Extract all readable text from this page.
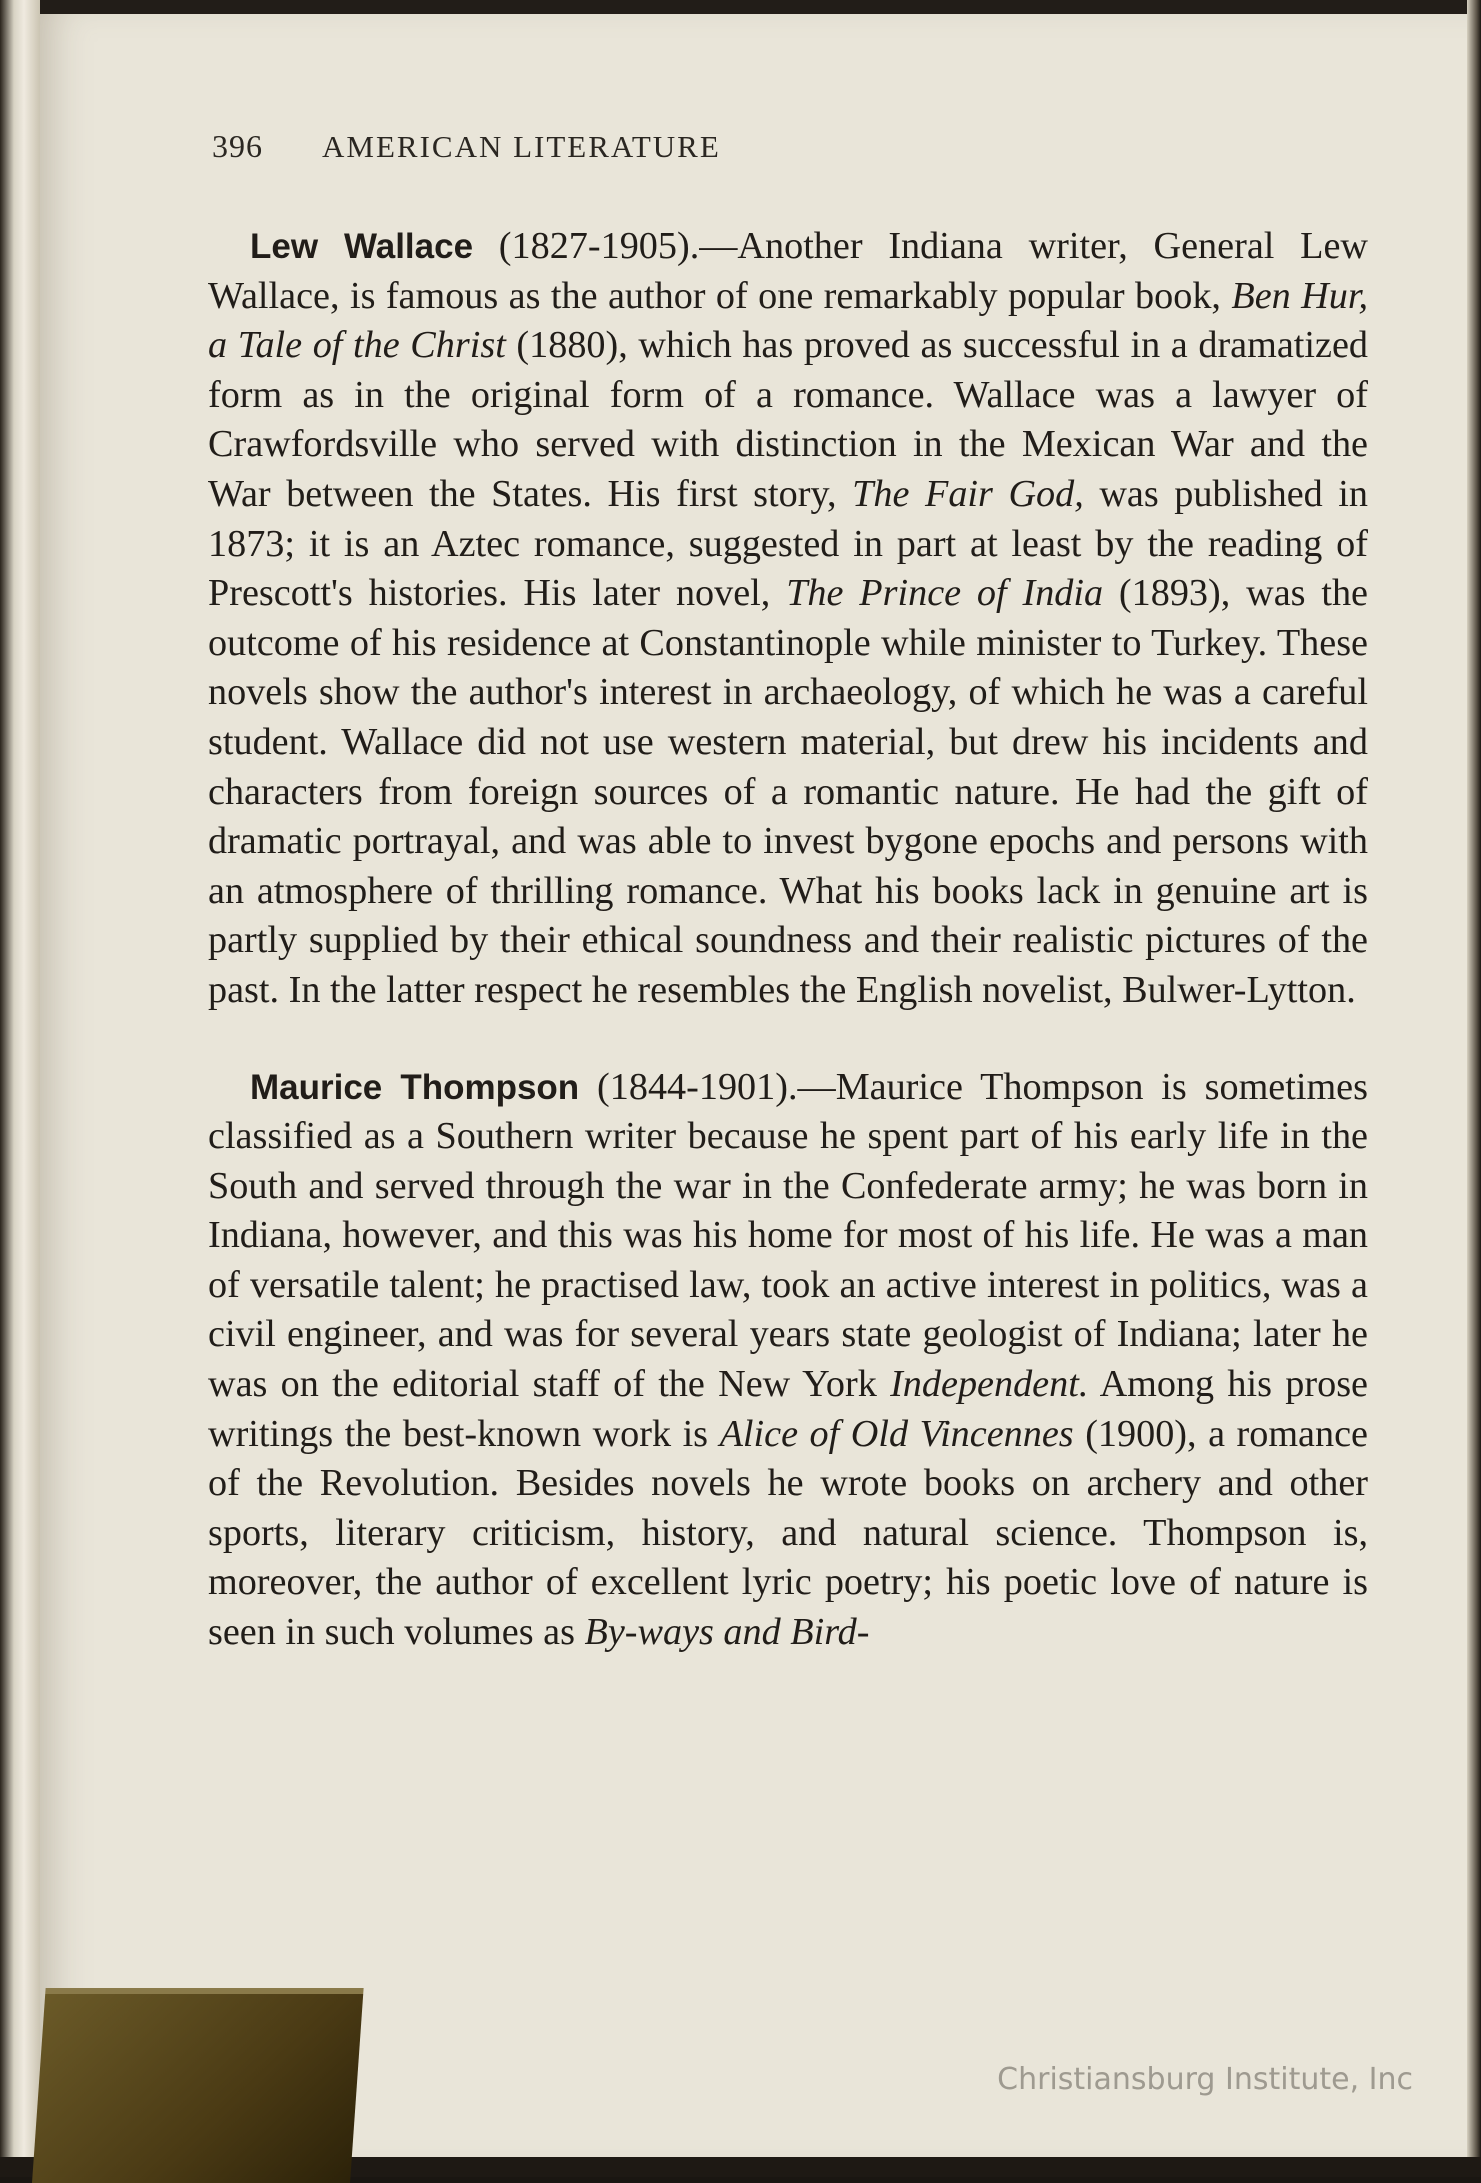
396	AMERICAN LITERATURE

Lew Wallace (1827-1905).—Another Indiana writer, General Lew Wallace, is famous as the author of one remarkably popular book, Ben Hur, a Tale of the Christ (1880), which has proved as successful in a dramatized form as in the original form of a romance. Wallace was a lawyer of Crawfordsville who served with distinction in the Mexican War and the War between the States. His first story, The Fair God, was published in 1873; it is an Aztec romance, suggested in part at least by the reading of Prescott's histories. His later novel, The Prince of India (1893), was the outcome of his residence at Constantinople while minister to Turkey. These novels show the author's interest in archaeology, of which he was a careful student. Wallace did not use western material, but drew his incidents and characters from foreign sources of a romantic nature. He had the gift of dramatic portrayal, and was able to invest bygone epochs and persons with an atmosphere of thrilling romance. What his books lack in genuine art is partly supplied by their ethical soundness and their realistic pictures of the past. In the latter respect he resembles the English novelist, Bulwer-Lytton.

Maurice Thompson (1844-1901).—Maurice Thompson is sometimes classified as a Southern writer because he spent part of his early life in the South and served through the war in the Confederate army; he was born in Indiana, however, and this was his home for most of his life. He was a man of versatile talent; he practised law, took an active interest in politics, was a civil engineer, and was for several years state geologist of Indiana; later he was on the editorial staff of the New York Independent. Among his prose writings the best-known work is Alice of Old Vincennes (1900), a romance of the Revolution. Besides novels he wrote books on archery and other sports, literary criticism, history, and natural science. Thompson is, moreover, the author of excellent lyric poetry; his poetic love of nature is seen in such volumes as By-ways and Bird-

Christiansburg Institute, Inc
